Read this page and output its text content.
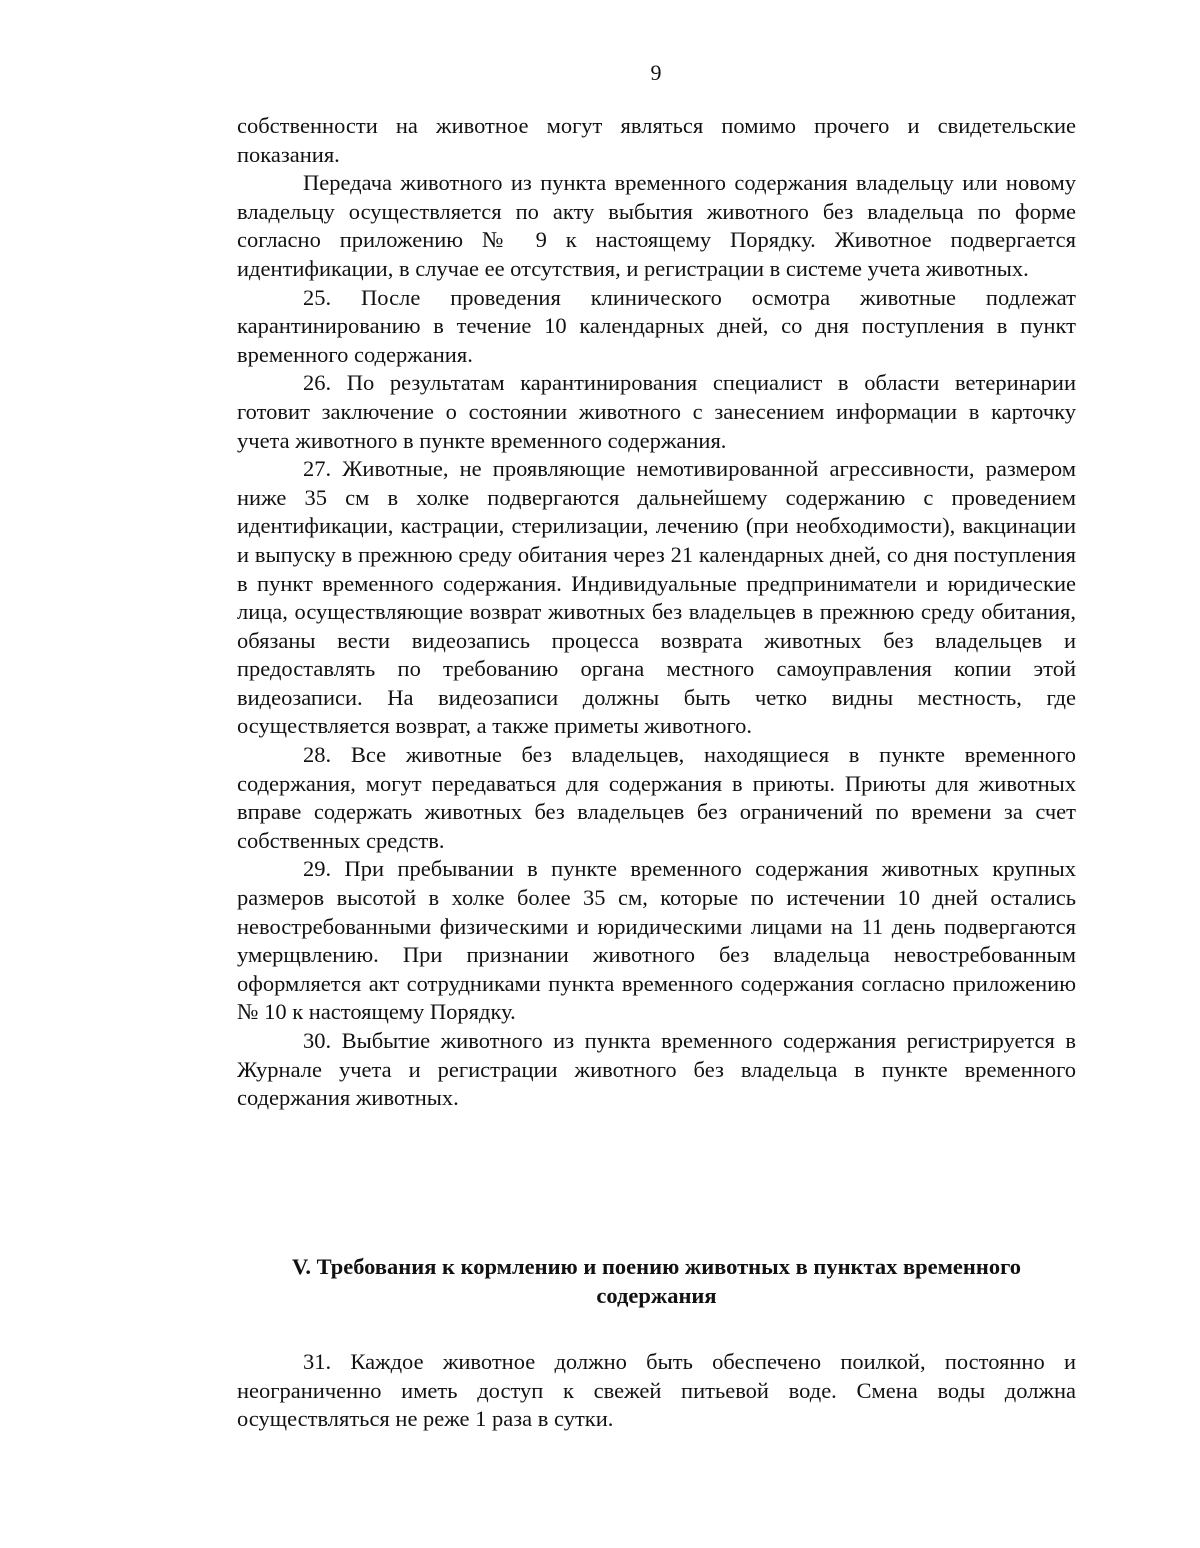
9

собственности на животное могут являться помимо прочего и свидетельские показания.

Передача животного из пункта временного содержания владельцу или новому владельцу осуществляется по акту выбытия животного без владельца по форме согласно приложению № 9 к настоящему Порядку. Животное подвергается идентификации, в случае ее отсутствия, и регистрации в системе учета животных.

25. После проведения клинического осмотра животные подлежат карантинированию в течение 10 календарных дней, со дня поступления в пункт временного содержания.

26. По результатам карантинирования специалист в области ветеринарии готовит заключение о состоянии животного с занесением информации в карточку учета животного в пункте временного содержания.

27. Животные, не проявляющие немотивированной агрессивности, размером ниже 35 см в холке подвергаются дальнейшему содержанию с проведением идентификации, кастрации, стерилизации, лечению (при необходимости), вакцинации и выпуску в прежнюю среду обитания через 21 календарных дней, со дня поступления в пункт временного содержания. Индивидуальные предприниматели и юридические лица, осуществляющие возврат животных без владельцев в прежнюю среду обитания, обязаны вести видеозапись процесса возврата животных без владельцев и предоставлять по требованию органа местного самоуправления копии этой видеозаписи. На видеозаписи должны быть четко видны местность, где осуществляется возврат, а также приметы животного.

28. Все животные без владельцев, находящиеся в пункте временного содержания, могут передаваться для содержания в приюты. Приюты для животных вправе содержать животных без владельцев без ограничений по времени за счет собственных средств.

29. При пребывании в пункте временного содержания животных крупных размеров высотой в холке более 35 см, которые по истечении 10 дней остались невостребованными физическими и юридическими лицами на 11 день подвергаются умерщвлению. При признании животного без владельца невостребованным оформляется акт сотрудниками пункта временного содержания согласно приложению № 10 к настоящему Порядку.

30. Выбытие животного из пункта временного содержания регистрируется в Журнале учета и регистрации животного без владельца в пункте временного содержания животных.

V. Требования к кормлению и поению животных в пунктах временного содержания

31. Каждое животное должно быть обеспечено поилкой, постоянно и неограниченно иметь доступ к свежей питьевой воде. Смена воды должна осуществляться не реже 1 раза в сутки.
